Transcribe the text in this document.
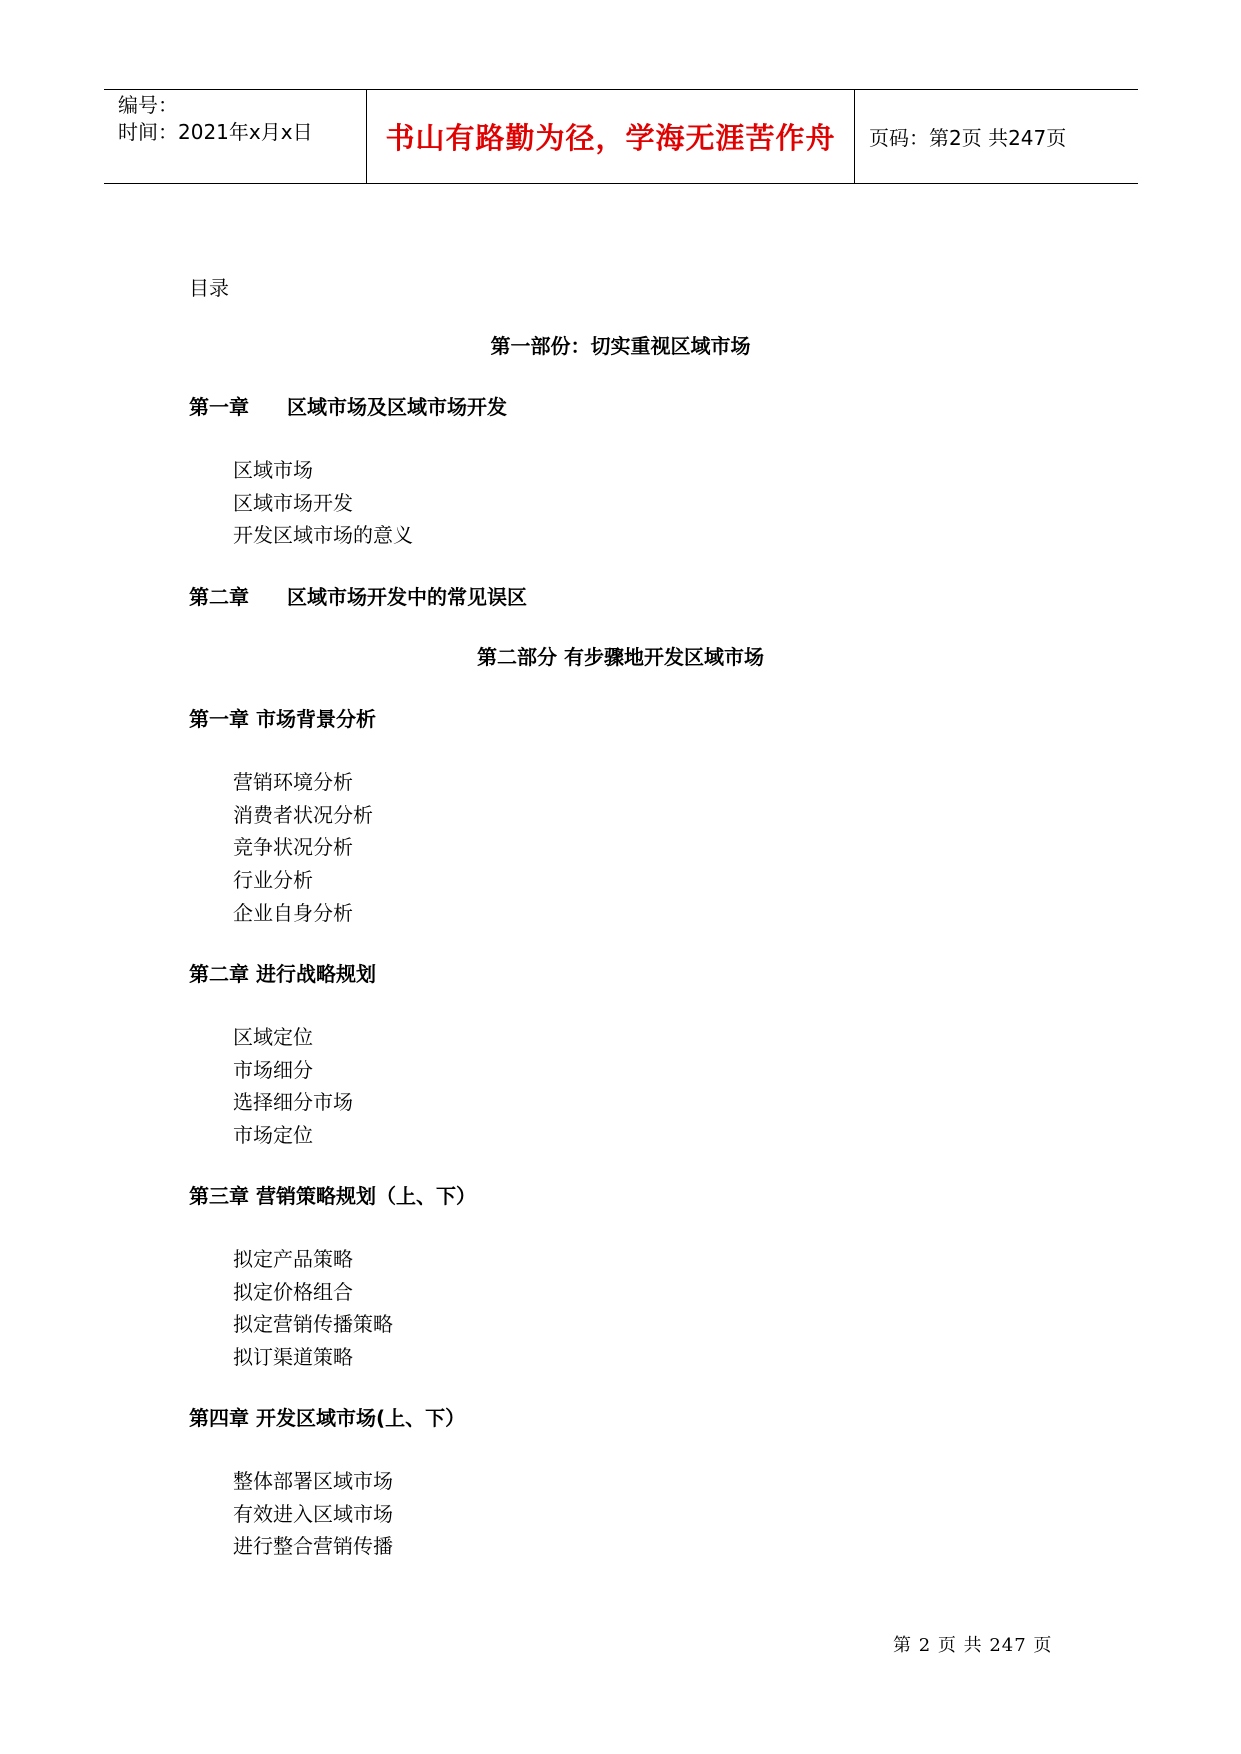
编号：
时间：2021年x月x日	书山有路勤为径，学海无涯苦作舟 页码：第2页 共247页
目录
第一部份：切实重视区域市场
第一章 区域市场及区域市场开发
区域市场
区域市场开发
开发区域市场的意义
第二章 区域市场开发中的常见误区
第二部分 有步骤地开发区域市场
第一章 市场背景分析
营销环境分析
消费者状况分析
竞争状况分析
行业分析
企业自身分析
第二章 进行战略规划
区域定位
市场细分
选择细分市场
市场定位
第三章 营销策略规划（上、下）
拟定产品策略
拟定价格组合
拟定营销传播策略
拟订渠道策略
第四章 开发区域市场(上、下）
整体部署区域市场
有效进入区域市场
进行整合营销传播
第 2 页 共 247 页
